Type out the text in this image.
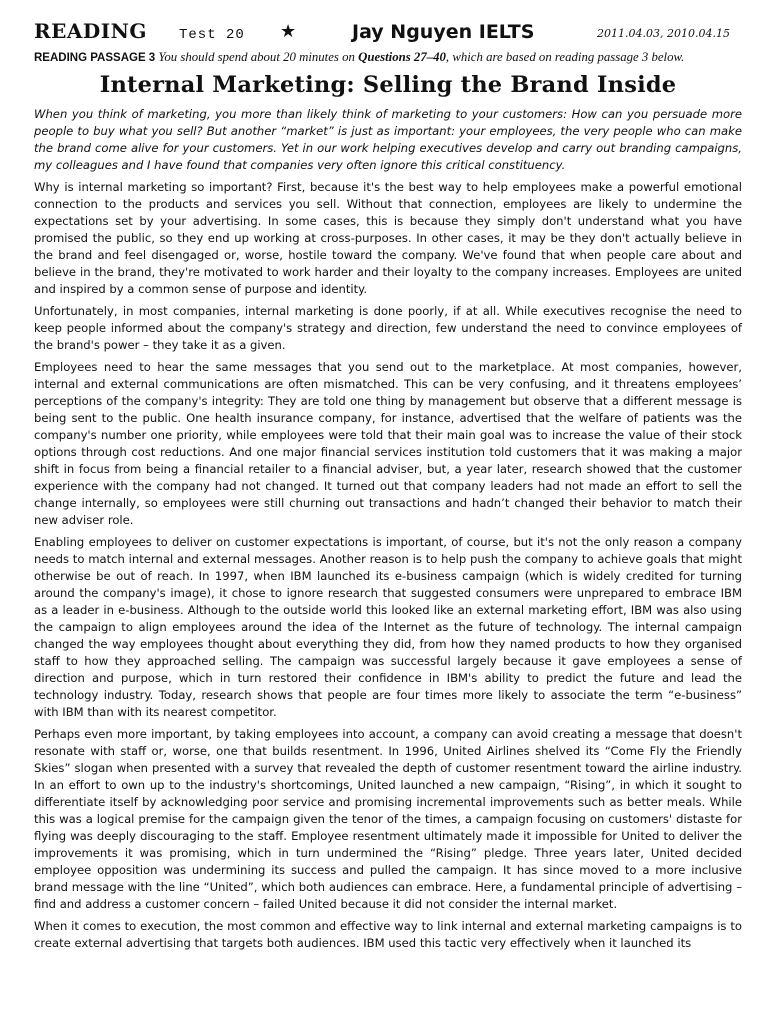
READING Test 20 ★	Jay Nguyen IELTS	2011.04.03, 2010.04.15
READING PASSAGE 3 You should spend about 20 minutes on Questions 27–40, which are based on reading passage 3 below.
Internal Marketing: Selling the Brand Inside
When you think of marketing, you more than likely think of marketing to your customers: How can you persuade more people to buy what you sell? But another “market” is just as important: your employees, the very people who can make the brand come alive for your customers. Yet in our work helping executives develop and carry out branding campaigns, my colleagues and I have found that companies very often ignore this critical constituency.

Why is internal marketing so important? First, because it's the best way to help employees make a powerful emotional connection to the products and services you sell. Without that connection, employees are likely to undermine the expectations set by your advertising. In some cases, this is because they simply don't understand what you have promised the public, so they end up working at cross-purposes. In other cases, it may be they don't actually believe in the brand and feel disengaged or, worse, hostile toward the company. We've found that when people care about and believe in the brand, they're motivated to work harder and their loyalty to the company increases. Employees are united and inspired by a common sense of purpose and identity.

Unfortunately, in most companies, internal marketing is done poorly, if at all. While executives recognise the need to keep people informed about the company's strategy and direction, few understand the need to convince employees of the brand's power – they take it as a given.

Employees need to hear the same messages that you send out to the marketplace. At most companies, however, internal and external communications are often mismatched. This can be very confusing, and it threatens employees’ perceptions of the company's integrity: They are told one thing by management but observe that a different message is being sent to the public. One health insurance company, for instance, advertised that the welfare of patients was the company's number one priority, while employees were told that their main goal was to increase the value of their stock options through cost reductions. And one major financial services institution told customers that it was making a major shift in focus from being a financial retailer to a financial adviser, but, a year later, research showed that the customer experience with the company had not changed. It turned out that company leaders had not made an effort to sell the change internally, so employees were still churning out transactions and hadn’t changed their behavior to match their new adviser role.

Enabling employees to deliver on customer expectations is important, of course, but it's not the only reason a company needs to match internal and external messages. Another reason is to help push the company to achieve goals that might otherwise be out of reach. In 1997, when IBM launched its e-business campaign (which is widely credited for turning around the company's image), it chose to ignore research that suggested consumers were unprepared to embrace IBM as a leader in e-business. Although to the outside world this looked like an external marketing effort, IBM was also using the campaign to align employees around the idea of the Internet as the future of technology. The internal campaign changed the way employees thought about everything they did, from how they named products to how they organised staff to how they approached selling. The campaign was successful largely because it gave employees a sense of direction and purpose, which in turn restored their confidence in IBM's ability to predict the future and lead the technology industry. Today, research shows that people are four times more likely to associate the term “e-business” with IBM than with its nearest competitor.

Perhaps even more important, by taking employees into account, a company can avoid creating a message that doesn't resonate with staff or, worse, one that builds resentment. In 1996, United Airlines shelved its “Come Fly the Friendly Skies” slogan when presented with a survey that revealed the depth of customer resentment toward the airline industry. In an effort to own up to the industry's shortcomings, United launched a new campaign, “Rising”, in which it sought to differentiate itself by acknowledging poor service and promising incremental improvements such as better meals. While this was a logical premise for the campaign given the tenor of the times, a campaign focusing on customers' distaste for flying was deeply discouraging to the staff. Employee resentment ultimately made it impossible for United to deliver the improvements it was promising, which in turn undermined the “Rising” pledge. Three years later, United decided employee opposition was undermining its success and pulled the campaign. It has since moved to a more inclusive brand message with the line “United”, which both audiences can embrace. Here, a fundamental principle of advertising – find and address a customer concern – failed United because it did not consider the internal market.

When it comes to execution, the most common and effective way to link internal and external marketing campaigns is to create external advertising that targets both audiences. IBM used this tactic very effectively when it launched its
